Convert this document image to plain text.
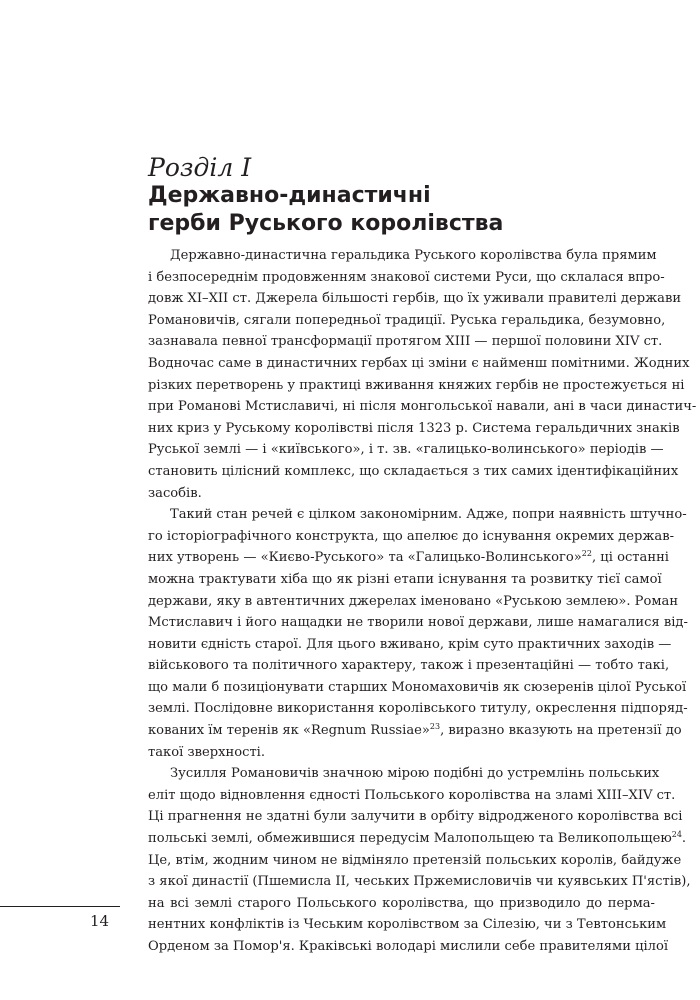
Розділ І
Державно-династичні
герби Руського королівства
Державно-династична геральдика Руського королівства була прямим
і безпосереднім продовженням знакової системи Руси, що склалася впро-
довж ХІ–ХІІ ст. Джерела більшості гербів, що їх уживали правителі держави
Романовичів, сягали попередньої традиції. Руська геральдика, безумовно,
зазнавала певної трансформації протягом XIII — першої половини XIV ст.
Водночас саме в династичних гербах ці зміни є найменш помітними. Жодних
різких перетворень у практиці вживання княжих гербів не простежується ні
при Романові Мстиславичі, ні після монгольської навали, ані в часи династич-
них криз у Руському королівстві після 1323 р. Система геральдичних знаків
Руської землі — і «київського», і т. зв. «галицько-волинського» періодів —
становить цілісний комплекс, що складається з тих самих ідентифікаційних
засобів.
Такий стан речей є цілком закономірним. Адже, попри наявність штучно-
го історіографічного конструкта, що апелює до існування окремих держав-
них утворень — «Києво-Руського» та «Галицько-Волинського»$^{22}$, ці останні
можна трактувати хіба що як різні етапи існування та розвитку тієї самої
держави, яку в автентичних джерелах іменовано «Руською землею». Роман
Мстиславич і його нащадки не творили нової держави, лише намагалися від-
новити єдність старої. Для цього вживано, крім суто практичних заходів —
військового та політичного характеру, також і презентаційні — тобто такі,
що мали б позиціонувати старших Мономаховичів як сюзеренів цілої Руської
землі. Послідовне використання королівського титулу, окреслення підпоряд-
кованих їм теренів як «Regnum Russiae»$^{23}$, виразно вказують на претензії до
такої зверхності.
Зусилля Романовичів значною мірою подібні до устремлінь польських
еліт щодо відновлення єдності Польського королівства на зламі XIII–XIV ст.
Ці прагнення не здатні були залучити в орбіту відродженого королівства всі
польські землі, обмежившися передусім Малопольщею та Великопольщею$^{24}$.
Це, втім, жодним чином не відміняло претензій польських королів, байдуже
з якої династії (Пшемисла II, чеських Пржемисловичів чи куявських П'ястів),
на всі землі старого Польського королівства, що призводило до перма-
нентних конфліктів із Чеським королівством за Сілезію, чи з Тевтонським
Орденом за Помор'я. Краківські володарі мислили себе правителями цілої
14
